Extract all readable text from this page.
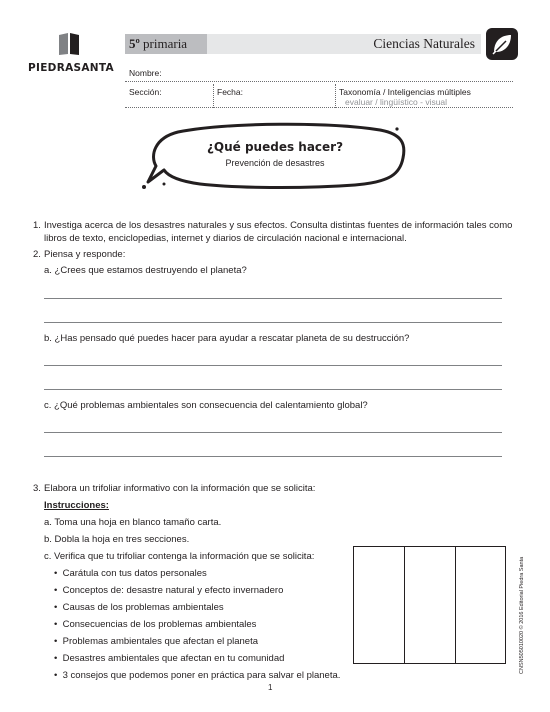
PIEDRASANTA
5º primaria	Ciencias Naturales
Nombre:
Sección:	Fecha:	Taxonomía / Inteligencias múltiples
evaluar / lingüístico - visual
¿Qué puedes hacer?
Prevención de desastres
1. Investiga acerca de los desastres naturales y sus efectos. Consulta distintas fuentes de información tales como
libros de texto, enciclopedias, internet y diarios de circulación nacional e internacional.
2. Piensa y responde:
a. ¿Crees que estamos destruyendo el planeta?
b. ¿Has pensado qué puedes hacer para ayudar a rescatar planeta de su destrucción?
c. ¿Qué problemas ambientales son consecuencia del calentamiento global?
3. Elabora un trifoliar informativo con la información que se solicita:
Instrucciones:
a. Toma una hoja en blanco tamaño carta.
b. Dobla la hoja en tres secciones.
c. Verifica que tu trifoliar contenga la información que se solicita:
• Carátula con tus datos personales
• Conceptos de: desastre natural y efecto invernadero
• Causas de los problemas ambientales
• Consecuencias de los problemas ambientales
• Problemas ambientales que afectan el planeta
• Desastres ambientales que afectan en tu comunidad
• 3 consejos que podemos poner en práctica para salvar el planeta.
CNSN505010020 © 2016 Editorial Piedra Santa
1
